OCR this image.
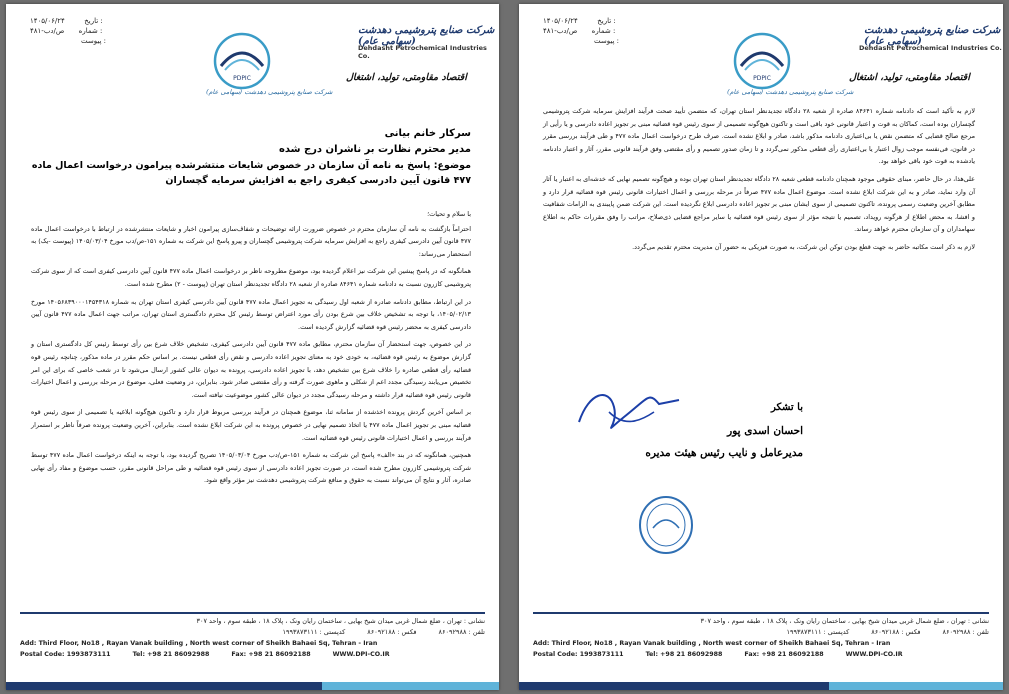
۱۴۰۵/۰۶/۲۴	تاریخ :
۴۸۱-ص/دب	شماره :
پیوست :
PDPIC
شرکت صنایع پتروشیمی دهدشت (سهامی عام)
شرکت صنایع پتروشیمی دهدشت (سهامی عام)
Dehdasht Petrochemical Industries Co.
اقتصاد مقاومتی، تولید، اشتغال
سرکار خانم بیانی
مدیر محترم نظارت بر ناشران درج شده
موضوع: پاسخ به نامه آن سازمان در خصوص شایعات منتشرشده پیرامون درخواست اعمال ماده ۴۷۷ قانون آیین دادرسی کیفری راجع به افزایش سرمایه گچساران

با سلام و تحیات؛

احتراماً بازگشت به نامه آن سازمان محترم در خصوص ضرورت ارائه توضیحات و شفاف‌سازی پیرامون اخبار و شایعات منتشرشده در ارتباط با درخواست اعمال ماده ۴۷۷ قانون آیین دادرسی کیفری راجع به افزایش سرمایه شرکت پتروشیمی گچساران و پیرو پاسخ این شرکت به شماره ۱۵۱-ص/دب مورخ ۱۴۰۵/۰۳/۰۴ (پیوست -یک) به استحضار می‌رساند:

همانگونه که در پاسخ پیشین این شرکت نیز اعلام گردیده بود، موضوع مطروحه ناظر بر درخواست اعمال ماده ۴۷۷ قانون آیین دادرسی کیفری است که از سوی شرکت پتروشیمی کازرون نسبت به دادنامه شماره ۸۴۶۴۱ صادره از شعبه ۲۸ دادگاه تجدیدنظر استان تهران (پیوست - ۲) مطرح شده است.

در این ارتباط، مطابق دادنامه صادره از شعبه اول رسیدگی به تجویز اعمال ماده ۴۷۷ قانون آیین دادرسی کیفری استان تهران به شماره ۱۴۰۵۶۸۳۹۰۰۰۱۴۵۴۳۱۸ مورخ ۱۴۰۵/۰۲/۱۳، با توجه به تشخیص خلاف بین شرع بودن رأی مورد اعتراض توسط رئیس کل محترم دادگستری استان تهران، مراتب جهت اعمال ماده ۴۷۷ قانون آیین دادرسی کیفری به محضر رئیس قوه قضائیه گزارش گردیده است.

در این خصوص، جهت استحضار آن سازمان محترم، مطابق ماده ۴۷۷ قانون آیین دادرسی کیفری، تشخیص خلاف شرع بین رأی توسط رئیس کل دادگستری استان و گزارش موضوع به رئیس قوه قضائیه، به خودی خود به معنای تجویز اعاده دادرسی و نقض رأی قطعی نیست. بر اساس حکم مقرر در ماده مذکور، چنانچه رئیس قوه قضائیه رأی قطعی صادره را خلاف شرع بین تشخیص دهد، با تجویز اعاده دادرسی، پرونده به دیوان عالی کشور ارسال می‌شود تا در شعب خاصی که برای این امر تخصیص می‌یابند رسیدگی مجدد اعم از شکلی و ماهوی صورت گرفته و رأی مقتضی صادر شود. بنابراین، در وضعیت فعلی، موضوع در مرحله بررسی و اعمال اختیارات قانونی رئیس قوه قضائیه قرار داشته و مرحله رسیدگی مجدد در دیوان عالی کشور موضوعیت نیافته است.

بر اساس آخرین گردش پرونده اخذشده از سامانه ثنا، موضوع همچنان در فرآیند بررسی مربوط قرار دارد و تاکنون هیچ‌گونه ابلاغیه یا تصمیمی از سوی رئیس قوه قضائیه مبنی بر تجویز اعمال ماده ۴۷۷ یا اتخاذ تصمیم نهایی در خصوص پرونده به این شرکت ابلاغ نشده است. بنابراین، آخرین وضعیت پرونده صرفاً ناظر بر استمرار فرآیند بررسی و اعمال اختیارات قانونی رئیس قوه قضائیه است.

همچنین، همانگونه که در بند «الف» پاسخ این شرکت به شماره ۱۵۱-ص/دب مورخ ۱۴۰۵/۰۳/۰۴ تصریح گردیده بود، با توجه به اینکه درخواست اعمال ماده ۴۷۷ توسط شرکت پتروشیمی کازرون مطرح شده است، در صورت تجویز اعاده دادرسی از سوی رئیس قوه قضائیه و طی مراحل قانونی مقرر، حسب موضوع و مفاد رأی نهایی صادره، آثار و نتایج آن می‌تواند نسبت به حقوق و منافع شرکت پتروشیمی دهدشت نیز مؤثر واقع شود.

نشانی : تهران ، ضلع شمال غربی میدان شیخ بهایی ، ساختمان رایان ونک ، پلاک ۱۸ ، طبقه سوم ، واحد ۳۰۷
تلفن : ۸۶۰۹۲۹۸۸
فکس : ۸۶۰۹۲۱۸۸
کدپستی : ۱۹۹۳۸۷۳۱۱۱
Add: Third Floor, No18 , Rayan Vanak building , North west corner of Sheikh Bahaei Sq, Tehran - Iran
Postal Code: 1993873111	Tel: +98 21 86092988	Fax: +98 21 86092188	WWW.DPI-CO.IR
۱۴۰۵/۰۶/۲۴	تاریخ :
۴۸۱-ص/دب	شماره :
پیوست :
PDPIC
شرکت صنایع پتروشیمی دهدشت (سهامی عام)
شرکت صنایع پتروشیمی دهدشت (سهامی عام)
Dehdasht Petrochemical Industries Co.
اقتصاد مقاومتی، تولید، اشتغال

لازم به تأکید است که دادنامه شماره ۸۴۶۴۱ صادره از شعبه ۲۸ دادگاه تجدیدنظر استان تهران، که متضمن تأیید صحت فرآیند افزایش سرمایه شرکت پتروشیمی گچساران بوده است، کماکان به قوت و اعتبار قانونی خود باقی است و تاکنون هیچ‌گونه تصمیمی از سوی رئیس قوه قضائیه مبنی بر تجویز اعاده دادرسی و یا رأیی از مرجع صالح قضایی که متضمن نقض یا بی‌اعتباری دادنامه مذکور باشد، صادر و ابلاغ نشده است. صرف طرح درخواست اعمال ماده ۴۷۷ و طی فرآیند بررسی مقرر در قانون، فی‌نفسه موجب زوال اعتبار یا بی‌اعتباری رأی قطعی مذکور نمی‌گردد و تا زمان صدور تصمیم و رأی مقتضی وفق فرآیند قانونی مقرر، آثار و اعتبار دادنامه یادشده به قوت خود باقی خواهد بود.

علی‌هذا، در حال حاضر، مبنای حقوقی موجود همچنان دادنامه قطعی شعبه ۲۸ دادگاه تجدیدنظر استان تهران بوده و هیچ‌گونه تصمیم نهایی که خدشه‌ای به اعتبار یا آثار آن وارد نماید، صادر و به این شرکت ابلاغ نشده است. موضوع اعمال ماده ۴۷۷ صرفاً در مرحله بررسی و اعمال اختیارات قانونی رئیس قوه قضائیه قرار دارد و مطابق آخرین وضعیت رسمی پرونده، تاکنون تصمیمی از سوی ایشان مبنی بر تجویز اعاده دادرسی ابلاغ نگردیده است. این شرکت ضمن پایبندی به الزامات شفافیت و افشا، به محض اطلاع از هرگونه رویداد، تصمیم یا نتیجه مؤثر از سوی رئیس قوه قضائیه یا سایر مراجع قضایی ذی‌صلاح، مراتب را وفق مقررات حاکم به اطلاع سهامداران و آن سازمان محترم خواهد رساند.

لازم به ذکر است مکاتبه حاضر به جهت قطع بودن توکن این شرکت، به صورت فیزیکی به حضور آن مدیریت محترم تقدیم می‌گردد.

با تشکر
احسان اسدی پور
مدیرعامل و نایب رئیس هیئت مدیره
نشانی : تهران ، ضلع شمال غربی میدان شیخ بهایی ، ساختمان رایان ونک ، پلاک ۱۸ ، طبقه سوم ، واحد ۳۰۷
تلفن : ۸۶۰۹۲۹۸۸
فکس : ۸۶۰۹۲۱۸۸
کدپستی : ۱۹۹۳۸۷۳۱۱۱
Add: Third Floor, No18 , Rayan Vanak building , North west corner of Sheikh Bahaei Sq, Tehran - Iran
Postal Code: 1993873111	Tel: +98 21 86092988	Fax: +98 21 86092188	WWW.DPI-CO.IR
